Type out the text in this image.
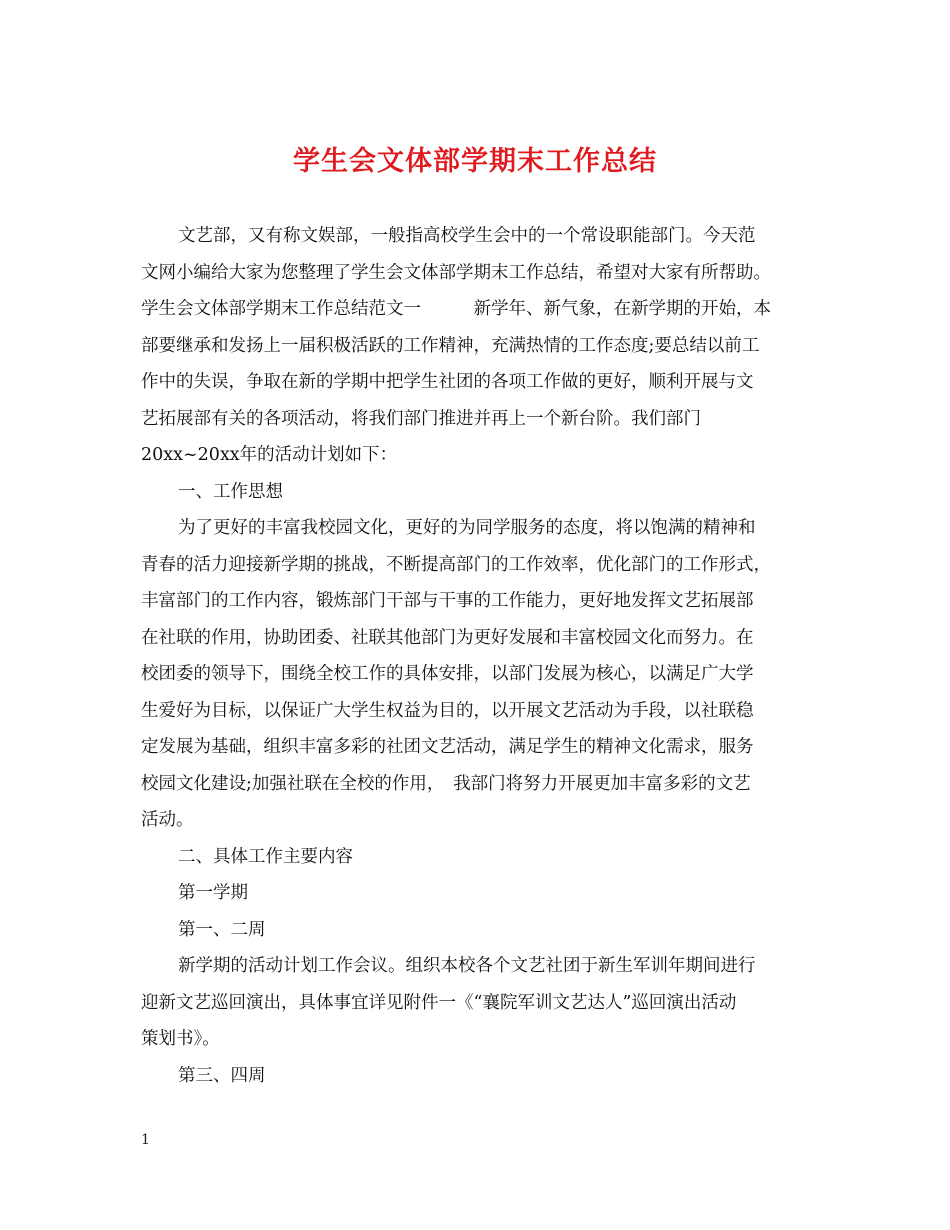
学生会文体部学期末工作总结
文艺部，又有称文娱部，一般指高校学生会中的一个常设职能部门。今天范
文网小编给大家为您整理了学生会文体部学期末工作总结，希望对大家有所帮助。
学生会文体部学期末工作总结范文一　　　新学年、新气象，在新学期的开始，本
部要继承和发扬上一届积极活跃的工作精神，充满热情的工作态度;要总结以前工
作中的失误，争取在新的学期中把学生社团的各项工作做的更好，顺利开展与文
艺拓展部有关的各项活动，将我们部门推进并再上一个新台阶。我们部门
20xx~20xx年的活动计划如下：
一、工作思想
为了更好的丰富我校园文化，更好的为同学服务的态度，将以饱满的精神和
青春的活力迎接新学期的挑战，不断提高部门的工作效率，优化部门的工作形式，
丰富部门的工作内容，锻炼部门干部与干事的工作能力，更好地发挥文艺拓展部
在社联的作用，协助团委、社联其他部门为更好发展和丰富校园文化而努力。在
校团委的领导下，围绕全校工作的具体安排，以部门发展为核心，以满足广大学
生爱好为目标，以保证广大学生权益为目的，以开展文艺活动为手段，以社联稳
定发展为基础，组织丰富多彩的社团文艺活动，满足学生的精神文化需求，服务
校园文化建设;加强社联在全校的作用，　我部门将努力开展更加丰富多彩的文艺
活动。
二、具体工作主要内容
第一学期
第一、二周
新学期的活动计划工作会议。组织本校各个文艺社团于新生军训年期间进行
迎新文艺巡回演出，具体事宜详见附件一《“襄院军训文艺达人”巡回演出活动
策划书》。
第三、四周
1
